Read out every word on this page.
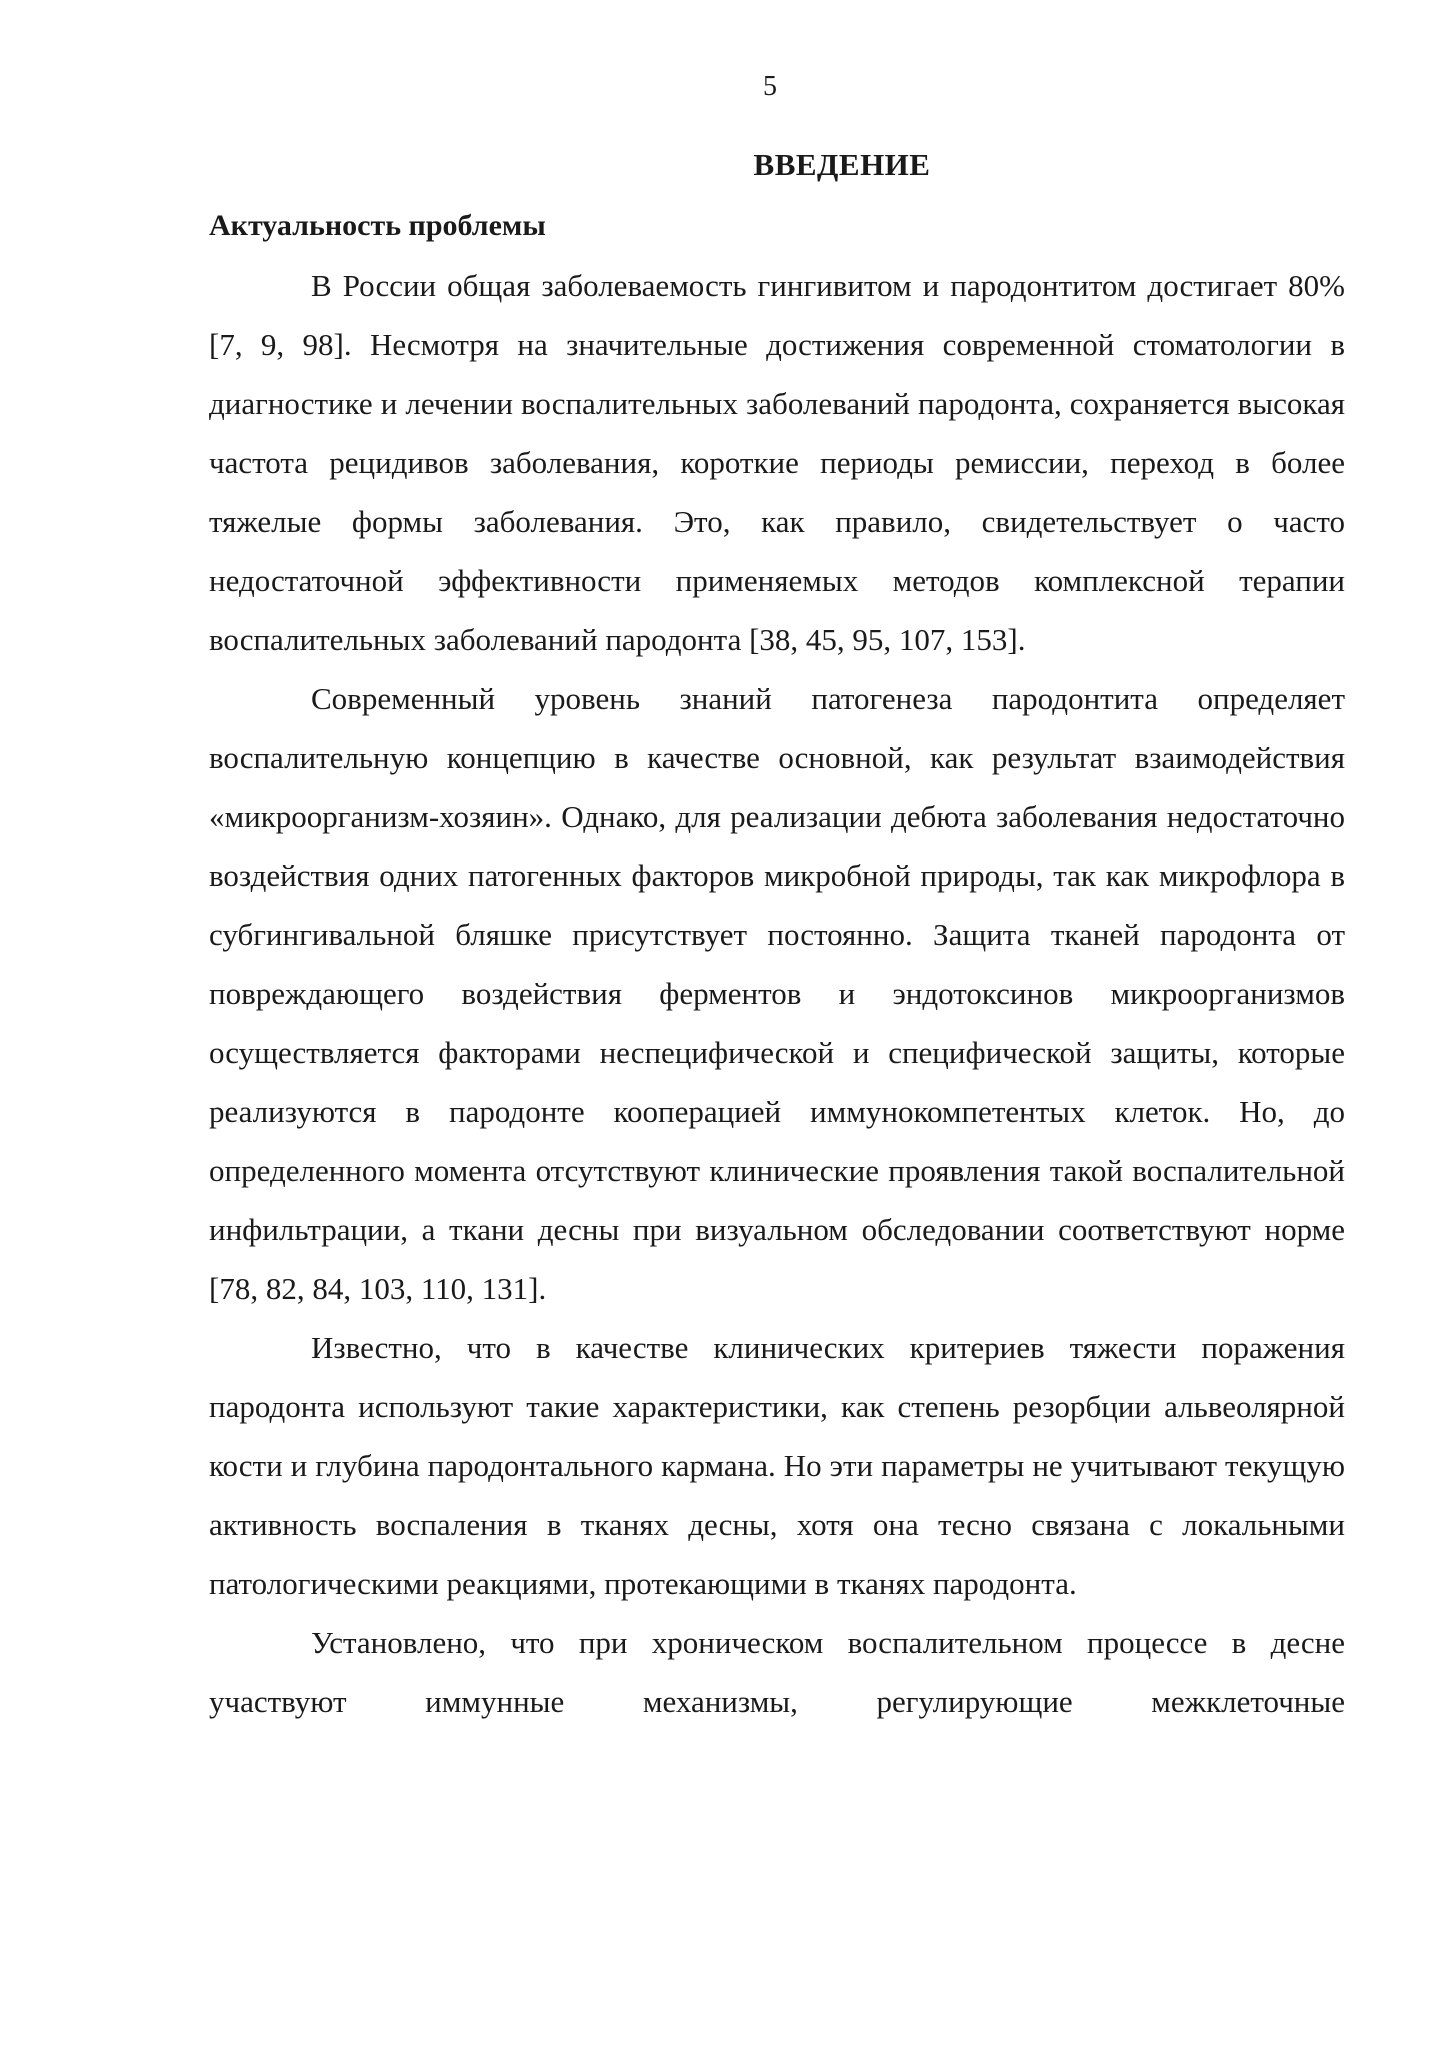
5
ВВЕДЕНИЕ
Актуальность проблемы

В России общая заболеваемость гингивитом и пародонтитом достигает 80% [7, 9, 98]. Несмотря на значительные достижения современной стоматологии в диагностике и лечении воспалительных заболеваний пародонта, сохраняется высокая частота рецидивов заболевания, короткие периоды ремиссии, переход в более тяжелые формы заболевания. Это, как правило, свидетельствует о часто недостаточной эффективности применяемых методов комплексной терапии воспалительных заболеваний пародонта [38, 45, 95, 107, 153].

Современный уровень знаний патогенеза пародонтита определяет воспалительную концепцию в качестве основной, как результат взаимодействия «микроорганизм-хозяин». Однако, для реализации дебюта заболевания недостаточно воздействия одних патогенных факторов микробной природы, так как микрофлора в субгингивальной бляшке присутствует постоянно. Защита тканей пародонта от повреждающего воздействия ферментов и эндотоксинов микроорганизмов осуществляется факторами неспецифической и специфической защиты, которые реализуются в пародонте кооперацией иммунокомпетентых клеток. Но, до определенного момента отсутствуют клинические проявления такой воспалительной инфильтрации, а ткани десны при визуальном обследовании соответствуют норме [78, 82, 84, 103, 110, 131].

Известно, что в качестве клинических критериев тяжести поражения пародонта используют такие характеристики, как степень резорбции альвеолярной кости и глубина пародонтального кармана. Но эти параметры не учитывают текущую активность воспаления в тканях десны, хотя она тесно связана с локальными патологическими реакциями, протекающими в тканях пародонта.

Установлено, что при хроническом воспалительном процессе в десне участвуют иммунные механизмы, регулирующие межклеточные
